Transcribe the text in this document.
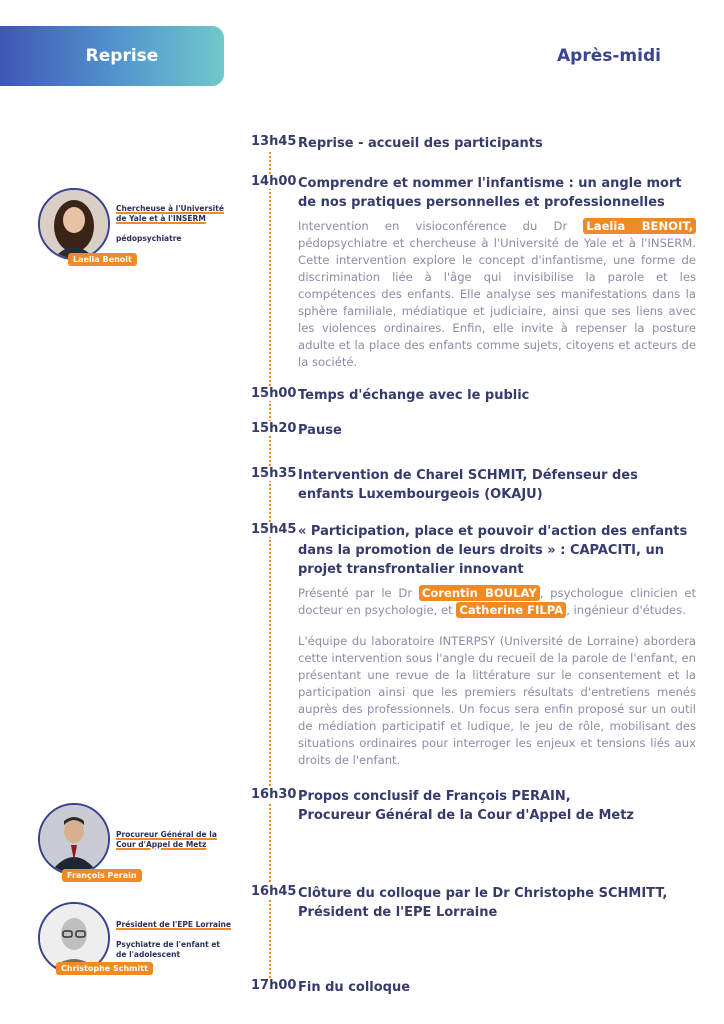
Reprise	Après-midi
Chercheuse à l'Université
de Yale et à l'INSERM

pédopsychiatre
Laelia Benoit
Procureur Général de la
Cour d'Appel de Metz
François Perain
Président de l'EPE Lorraine

Psychiatre de l'enfant et de l'adolescent
Christophe Schmitt
13h45 Reprise - accueil des participants
14h00 Comprendre et nommer l'infantisme : un angle mort de nos pratiques personnelles et professionnelles
Intervention en visioconférence du Dr Laelia BENOIT, pédopsychiatre et chercheuse à l'Université de Yale et à l'INSERM. Cette intervention explore le concept d'infantisme, une forme de discrimination liée à l'âge qui invisibilise la parole et les compétences des enfants. Elle analyse ses manifestations dans la sphère familiale, médiatique et judiciaire, ainsi que ses liens avec les violences ordinaires. Enfin, elle invite à repenser la posture adulte et la place des enfants comme sujets, citoyens et acteurs de la société.
15h00 Temps d'échange avec le public
15h20 Pause
15h35 Intervention de Charel SCHMIT, Défenseur des enfants Luxembourgeois (OKAJU)
15h45 « Participation, place et pouvoir d'action des enfants dans la promotion de leurs droits » : CAPACITI, un projet transfrontalier innovant

Présenté par le Dr Corentin BOULAY , psychologue clinicien et docteur en psychologie, et Catherine FILPA , ingénieur d'études.

L'équipe du laboratoire INTERPSY (Université de Lorraine) abordera cette intervention sous l'angle du recueil de la parole de l'enfant, en présentant une revue de la littérature sur le consentement et la participation ainsi que les premiers résultats d'entretiens menés auprès des professionnels. Un focus sera enfin proposé sur un outil de médiation participatif et ludique, le jeu de rôle, mobilisant des situations ordinaires pour interroger les enjeux et tensions liés aux droits de l'enfant.

16h30 Propos conclusif de François PERAIN,
Procureur Général de la Cour d'Appel de Metz
16h45 Clôture du colloque par le Dr Christophe SCHMITT,
Président de l'EPE Lorraine
17h00 Fin du colloque
